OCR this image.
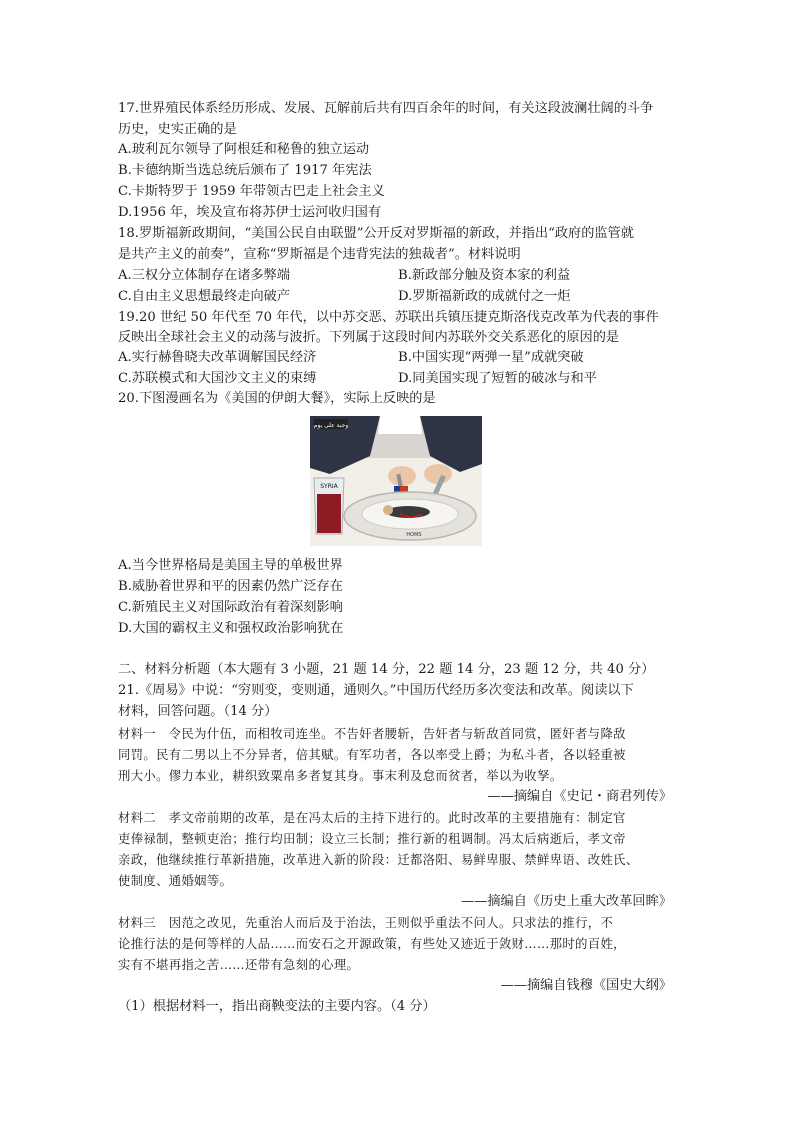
17.世界殖民体系经历形成、发展、瓦解前后共有四百余年的时间，有关这段波澜壮阔的斗争
历史，史实正确的是
A.玻利瓦尔领导了阿根廷和秘鲁的独立运动
B.卡德纳斯当选总统后颁布了 1917 年宪法
C.卡斯特罗于 1959 年带领古巴走上社会主义
D.1956 年，埃及宣布将苏伊士运河收归国有
18.罗斯福新政期间，“美国公民自由联盟”公开反对罗斯福的新政，并指出“政府的监管就
是共产主义的前奏”，宣称“罗斯福是个违背宪法的独裁者”。材料说明
A.三权分立体制存在诸多弊端	B.新政部分触及资本家的利益
C.自由主义思想最终走向破产	D.罗斯福新政的成就付之一炬
19.20 世纪 50 年代至 70 年代，以中苏交恶、苏联出兵镇压捷克斯洛伐克改革为代表的事件
反映出全球社会主义的动荡与波折。下列属于这段时间内苏联外交关系恶化的原因的是
A.实行赫鲁晓夫改革调解国民经济	B.中国实现“两弹一星”成就突破
C.苏联模式和大国沙文主义的束缚	D.同美国实现了短暂的破冰与和平
20.下图漫画名为《美国的伊朗大餐》，实际上反映的是
وجبة على يوم
SYRIA
HOMS
A.当今世界格局是美国主导的单极世界
B.威胁着世界和平的因素仍然广泛存在
C.新殖民主义对国际政治有着深刻影响
D.大国的霸权主义和强权政治影响犹在
二、材料分析题（本大题有 3 小题，21 题 14 分，22 题 14 分，23 题 12 分，共 40 分）
21.《周易》中说：“穷则变，变则通，通则久。”中国历代经历多次变法和改革。阅读以下
材料，回答问题。（14 分）
材料一　令民为什伍，而相牧司连坐。不告奸者腰斩，告奸者与斩敌首同赏，匿奸者与降敌
同罚。民有二男以上不分异者，倍其赋。有军功者，各以率受上爵；为私斗者，各以轻重被
刑大小。僇力本业，耕织致粟帛多者复其身。事末利及怠而贫者，举以为收孥。
——摘编自《史记・商君列传》
材料二　孝文帝前期的改革，是在冯太后的主持下进行的。此时改革的主要措施有：制定官
吏俸禄制，整顿吏治；推行均田制；设立三长制；推行新的租调制。冯太后病逝后，孝文帝
亲政，他继续推行革新措施，改革进入新的阶段：迁都洛阳、易鲜卑服、禁鲜卑语、改姓氏、
使制度、通婚姻等。
——摘编自《历史上重大改革回眸》
材料三　因范之改见，先重治人而后及于治法，王则似乎重法不问人。只求法的推行，不
论推行法的是何等样的人品……而安石之开源政策，有些处又迹近于敛财……那时的百姓，
实有不堪再指之苦……还带有急刻的心理。
——摘编自钱穆《国史大纲》
（1）根据材料一，指出商鞅变法的主要内容。（4 分）
